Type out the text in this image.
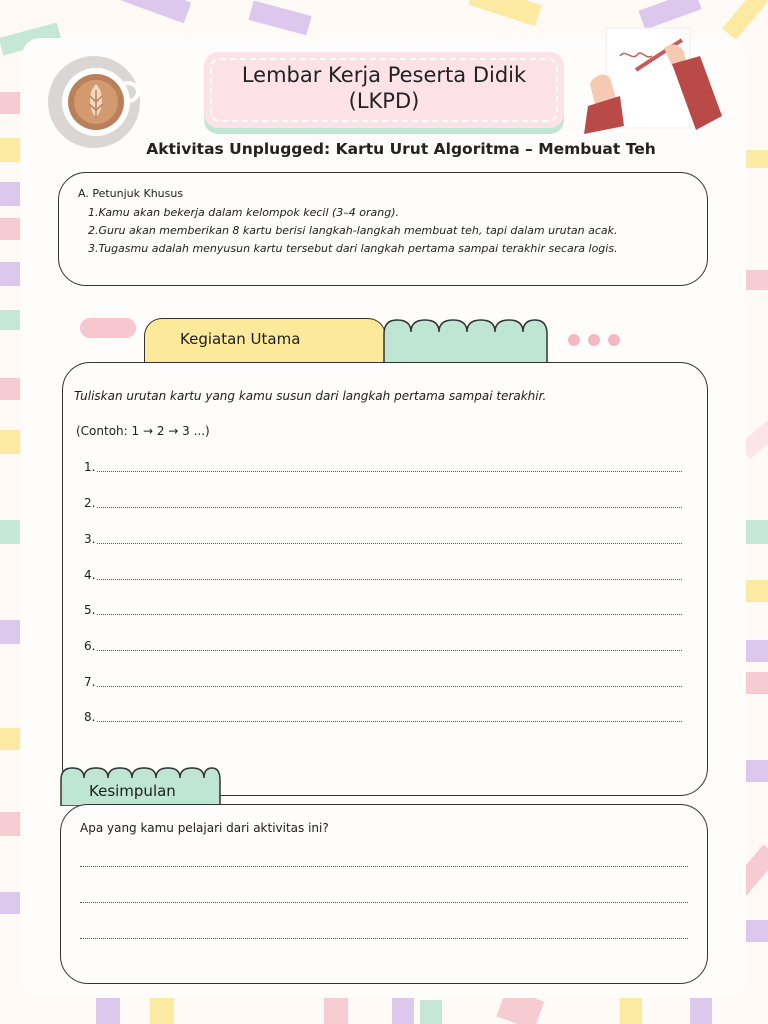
Lembar Kerja Peserta Didik
(LKPD)
Aktivitas Unplugged: Kartu Urut Algoritma – Membuat Teh
A. Petunjuk Khusus
1.Kamu akan bekerja dalam kelompok kecil (3–4 orang).
2.Guru akan memberikan 8 kartu berisi langkah-langkah membuat teh, tapi dalam urutan acak.
3.Tugasmu adalah menyusun kartu tersebut dari langkah pertama sampai terakhir secara logis.
Kegiatan Utama
Tuliskan urutan kartu yang kamu susun dari langkah pertama sampai terakhir.
(Contoh: 1 → 2 → 3 ...)
1.
2.
3.
4.
5.
6.
7.
8.
Kesimpulan
Apa yang kamu pelajari dari aktivitas ini?
